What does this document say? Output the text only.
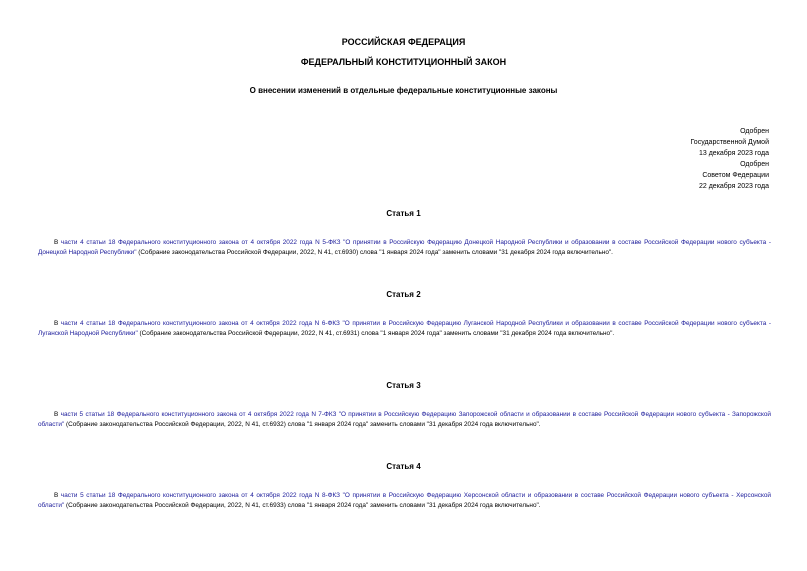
РОССИЙСКАЯ ФЕДЕРАЦИЯ
ФЕДЕРАЛЬНЫЙ КОНСТИТУЦИОННЫЙ ЗАКОН
О внесении изменений в отдельные федеральные конституционные законы
Одобрен
Государственной Думой
13 декабря 2023 года
Одобрен
Советом Федерации
22 декабря 2023 года
Статья 1
В части 4 статьи 18 Федерального конституционного закона от 4 октября 2022 года N 5-ФКЗ "О принятии в Российскую Федерацию Донецкой Народной Республики и образовании в составе Российской Федерации нового субъекта - Донецкой Народной Республики" (Собрание законодательства Российской Федерации, 2022, N 41, ст.6930) слова "1 января 2024 года" заменить словами "31 декабря 2024 года включительно".
Статья 2
В части 4 статьи 18 Федерального конституционного закона от 4 октября 2022 года N 6-ФКЗ "О принятии в Российскую Федерацию Луганской Народной Республики и образовании в составе Российской Федерации нового субъекта - Луганской Народной Республики" (Собрание законодательства Российской Федерации, 2022, N 41, ст.6931) слова "1 января 2024 года" заменить словами "31 декабря 2024 года включительно".
Статья 3
В части 5 статьи 18 Федерального конституционного закона от 4 октября 2022 года N 7-ФКЗ "О принятии в Российскую Федерацию Запорожской области и образовании в составе Российской Федерации нового субъекта - Запорожской области" (Собрание законодательства Российской Федерации, 2022, N 41, ст.6932) слова "1 января 2024 года" заменить словами "31 декабря 2024 года включительно".
Статья 4
В части 5 статьи 18 Федерального конституционного закона от 4 октября 2022 года N 8-ФКЗ "О принятии в Российскую Федерацию Херсонской области и образовании в составе Российской Федерации нового субъекта - Херсонской области" (Собрание законодательства Российской Федерации, 2022, N 41, ст.6933) слова "1 января 2024 года" заменить словами "31 декабря 2024 года включительно".
